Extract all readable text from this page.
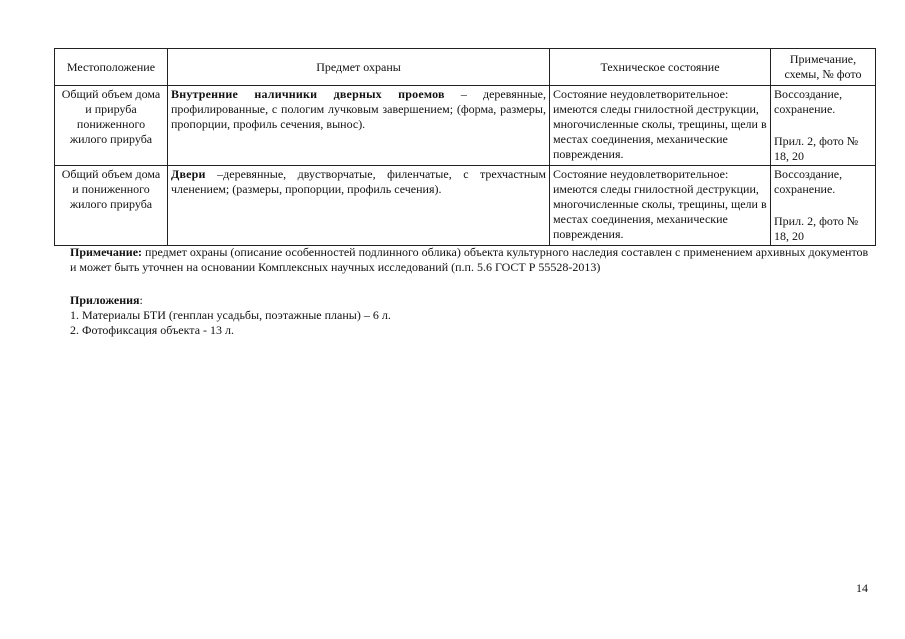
Местоположение	Предмет охраны	Техническое состояние	Примечание, схемы, № фото
Общий объем дома и прируба пониженного жилого прируба	Внутренние наличники дверных проемов – деревянные, профилированные, с пологим лучковым завершением; (форма, размеры, пропорции, профиль сечения, вынос).	Состояние неудовлетворительное: имеются следы гнилостной деструкции, многочисленные сколы, трещины, щели в местах соединения, механические повреждения.	Воссоздание, сохранение.
Прил. 2, фото № 18, 20

Общий объем дома и пониженного жилого прируба	Двери –деревянные, двустворчатые, филенчатые, с трехчастным членением; (размеры, пропорции, профиль сечения).	Состояние неудовлетворительное: имеются следы гнилостной деструкции, многочисленные сколы, трещины, щели в местах соединения, механические повреждения.	Воссоздание, сохранение.
Прил. 2, фото № 18, 20
Примечание: предмет охраны (описание особенностей подлинного облика) объекта культурного наследия составлен с применением архивных документов и может быть уточнен на основании Комплексных научных исследований (п.п. 5.6 ГОСТ Р 55528-2013)
Приложения:
1. Материалы БТИ (генплан усадьбы, поэтажные планы) – 6 л.
2. Фотофиксация объекта - 13 л.
14
